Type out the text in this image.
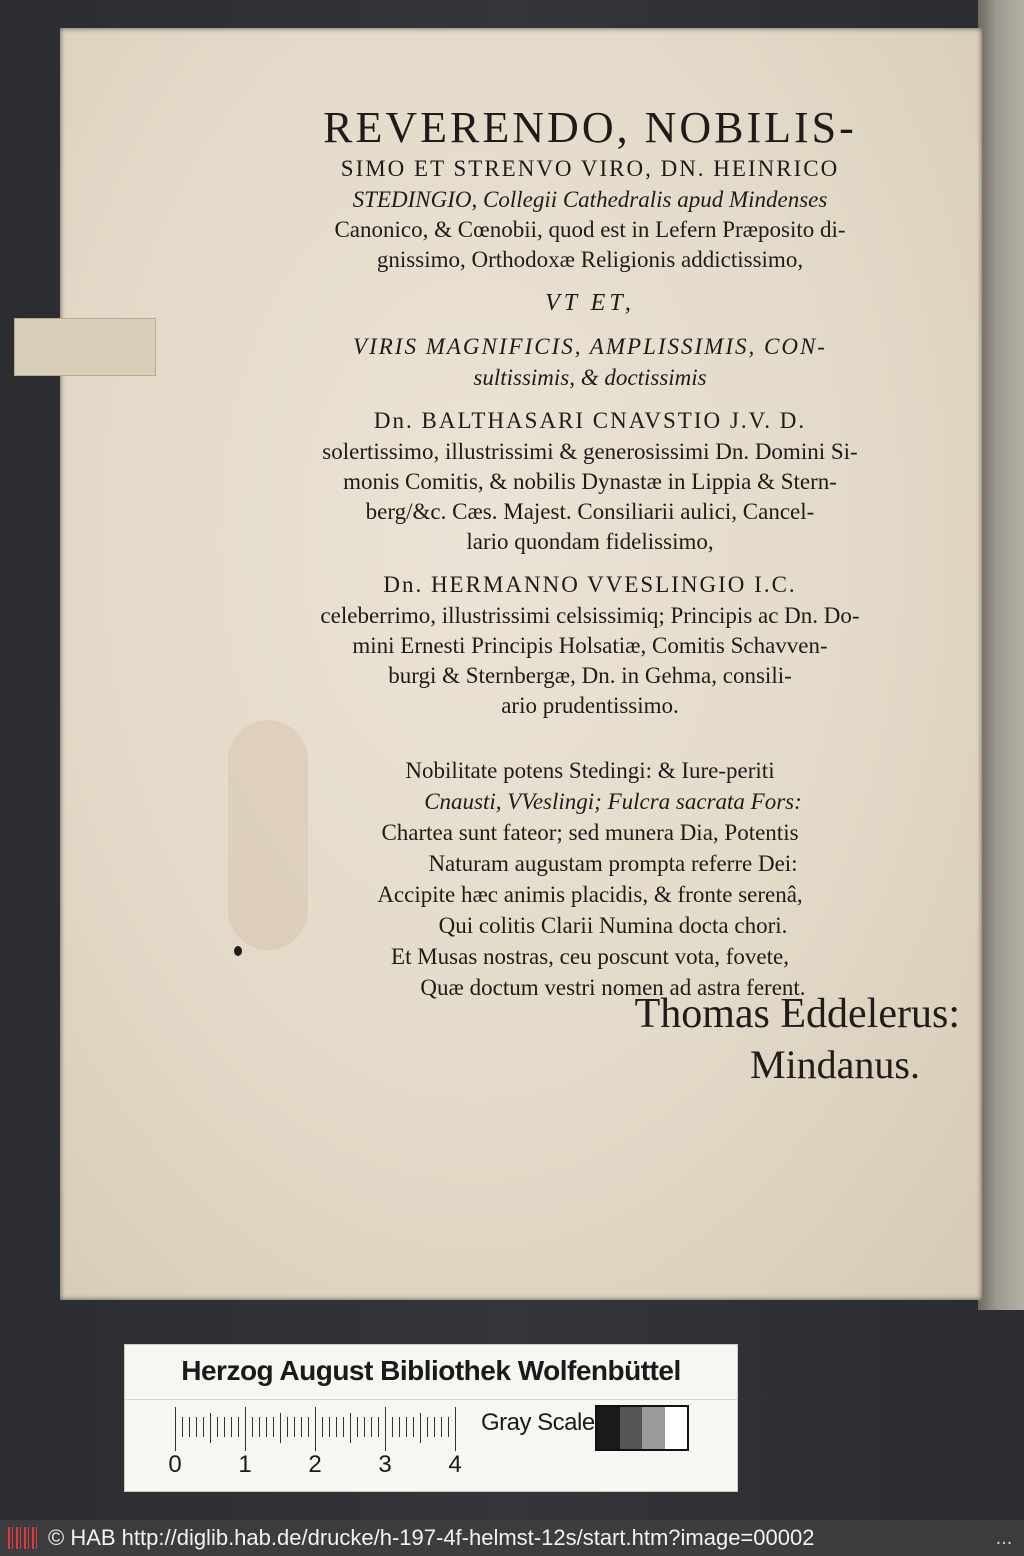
REVERENDO, NOBILIS-
SIMO ET STRENVO VIRO, DN. HEINRICO
STEDINGIO, Collegii Cathedralis apud Mindenses
Canonico, & Cœnobii, quod est in Lefern Præposito di-
gnissimo, Orthodoxæ Religionis addictissimo,
VT ET,
VIRIS MAGNIFICIS, AMPLISSIMIS, CON-
sultissimis, & doctissimis
Dn. BALTHASARI CNAVSTIO J.V. D.
solertissimo, illustrissimi & generosissimi Dn. Domini Si-
monis Comitis, & nobilis Dynastæ in Lippia & Stern-
berg/&c. Cæs. Majest. Consiliarii aulici, Cancel-
lario quondam fidelissimo,
Dn. HERMANNO VVESLINGIO I.C.
celeberrimo, illustrissimi celsissimiq; Principis ac Dn. Do-
mini Ernesti Principis Holsatiæ, Comitis Schavven-
burgi & Sternbergæ, Dn. in Gehma, consili-
ario prudentissimo.
Nobilitate potens Stedingi: & Iure-periti
Cnausti, VVeslingi; Fulcra sacrata Fors:
Chartea sunt fateor; sed munera Dia, Potentis
Naturam augustam prompta referre Dei:
Accipite hæc animis placidis, & fronte serenâ,
Qui colitis Clarii Numina docta chori.
Et Musas nostras, ceu poscunt vota, fovete,
Quæ doctum vestri nomen ad astra ferent.
Thomas Eddelerus:
Mindanus.
Herzog August Bibliothek Wolfenbüttel
0 1 2 3 4
Gray Scale
© HAB http://diglib.hab.de/drucke/h-197-4f-helmst-12s/start.htm?image=00002	...
